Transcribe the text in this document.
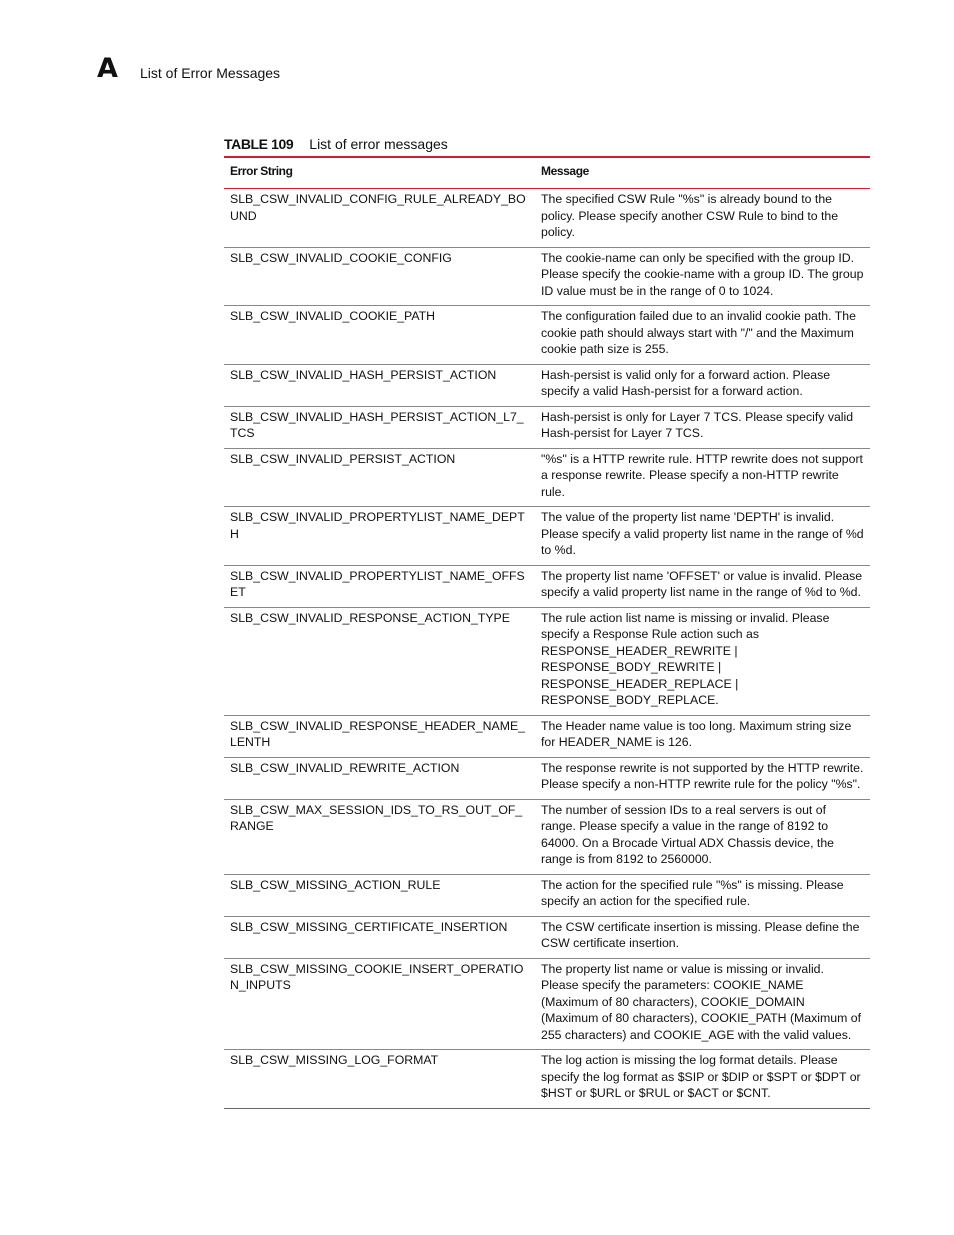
A List of Error Messages
TABLE 109 List of error messages
Error String	Message
SLB_CSW_INVALID_CONFIG_RULE_ALREADY_BOUND	The specified CSW Rule "%s" is already bound to the policy. Please specify another CSW Rule to bind to the policy.
SLB_CSW_INVALID_COOKIE_CONFIG	The cookie-name can only be specified with the group ID. Please specify the cookie-name with a group ID. The group ID value must be in the range of 0 to 1024.
SLB_CSW_INVALID_COOKIE_PATH	The configuration failed due to an invalid cookie path. The cookie path should always start with "/" and the Maximum cookie path size is 255.
SLB_CSW_INVALID_HASH_PERSIST_ACTION	Hash-persist is valid only for a forward action. Please specify a valid Hash-persist for a forward action.
SLB_CSW_INVALID_HASH_PERSIST_ACTION_L7_TCS	Hash-persist is only for Layer 7 TCS. Please specify valid Hash-persist for Layer 7 TCS.
SLB_CSW_INVALID_PERSIST_ACTION	"%s" is a HTTP rewrite rule. HTTP rewrite does not support a response rewrite. Please specify a non-HTTP rewrite rule.
SLB_CSW_INVALID_PROPERTYLIST_NAME_DEPTH	The value of the property list name 'DEPTH' is invalid. Please specify a valid property list name in the range of %d to %d.
SLB_CSW_INVALID_PROPERTYLIST_NAME_OFFSET	The property list name 'OFFSET' or value is invalid. Please specify a valid property list name in the range of %d to %d.
SLB_CSW_INVALID_RESPONSE_ACTION_TYPE	The rule action list name is missing or invalid. Please specify a Response Rule action such as RESPONSE_HEADER_REWRITE | RESPONSE_BODY_REWRITE | RESPONSE_HEADER_REPLACE | RESPONSE_BODY_REPLACE.
SLB_CSW_INVALID_RESPONSE_HEADER_NAME_LENTH	The Header name value is too long. Maximum string size for HEADER_NAME is 126.
SLB_CSW_INVALID_REWRITE_ACTION	The response rewrite is not supported by the HTTP rewrite. Please specify a non-HTTP rewrite rule for the policy "%s".
SLB_CSW_MAX_SESSION_IDS_TO_RS_OUT_OF_RANGE	The number of session IDs to a real servers is out of range. Please specify a value in the range of 8192 to 64000. On a Brocade Virtual ADX Chassis device, the range is from 8192 to 2560000.
SLB_CSW_MISSING_ACTION_RULE	The action for the specified rule "%s" is missing. Please specify an action for the specified rule.
SLB_CSW_MISSING_CERTIFICATE_INSERTION	The CSW certificate insertion is missing. Please define the CSW certificate insertion.
SLB_CSW_MISSING_COOKIE_INSERT_OPERATION_INPUTS	The property list name or value is missing or invalid. Please specify the parameters: COOKIE_NAME (Maximum of 80 characters), COOKIE_DOMAIN (Maximum of 80 characters), COOKIE_PATH (Maximum of 255 characters) and COOKIE_AGE with the valid values.
SLB_CSW_MISSING_LOG_FORMAT	The log action is missing the log format details. Please specify the log format as $SIP or $DIP or $SPT or $DPT or $HST or $URL or $RUL or $ACT or $CNT.
